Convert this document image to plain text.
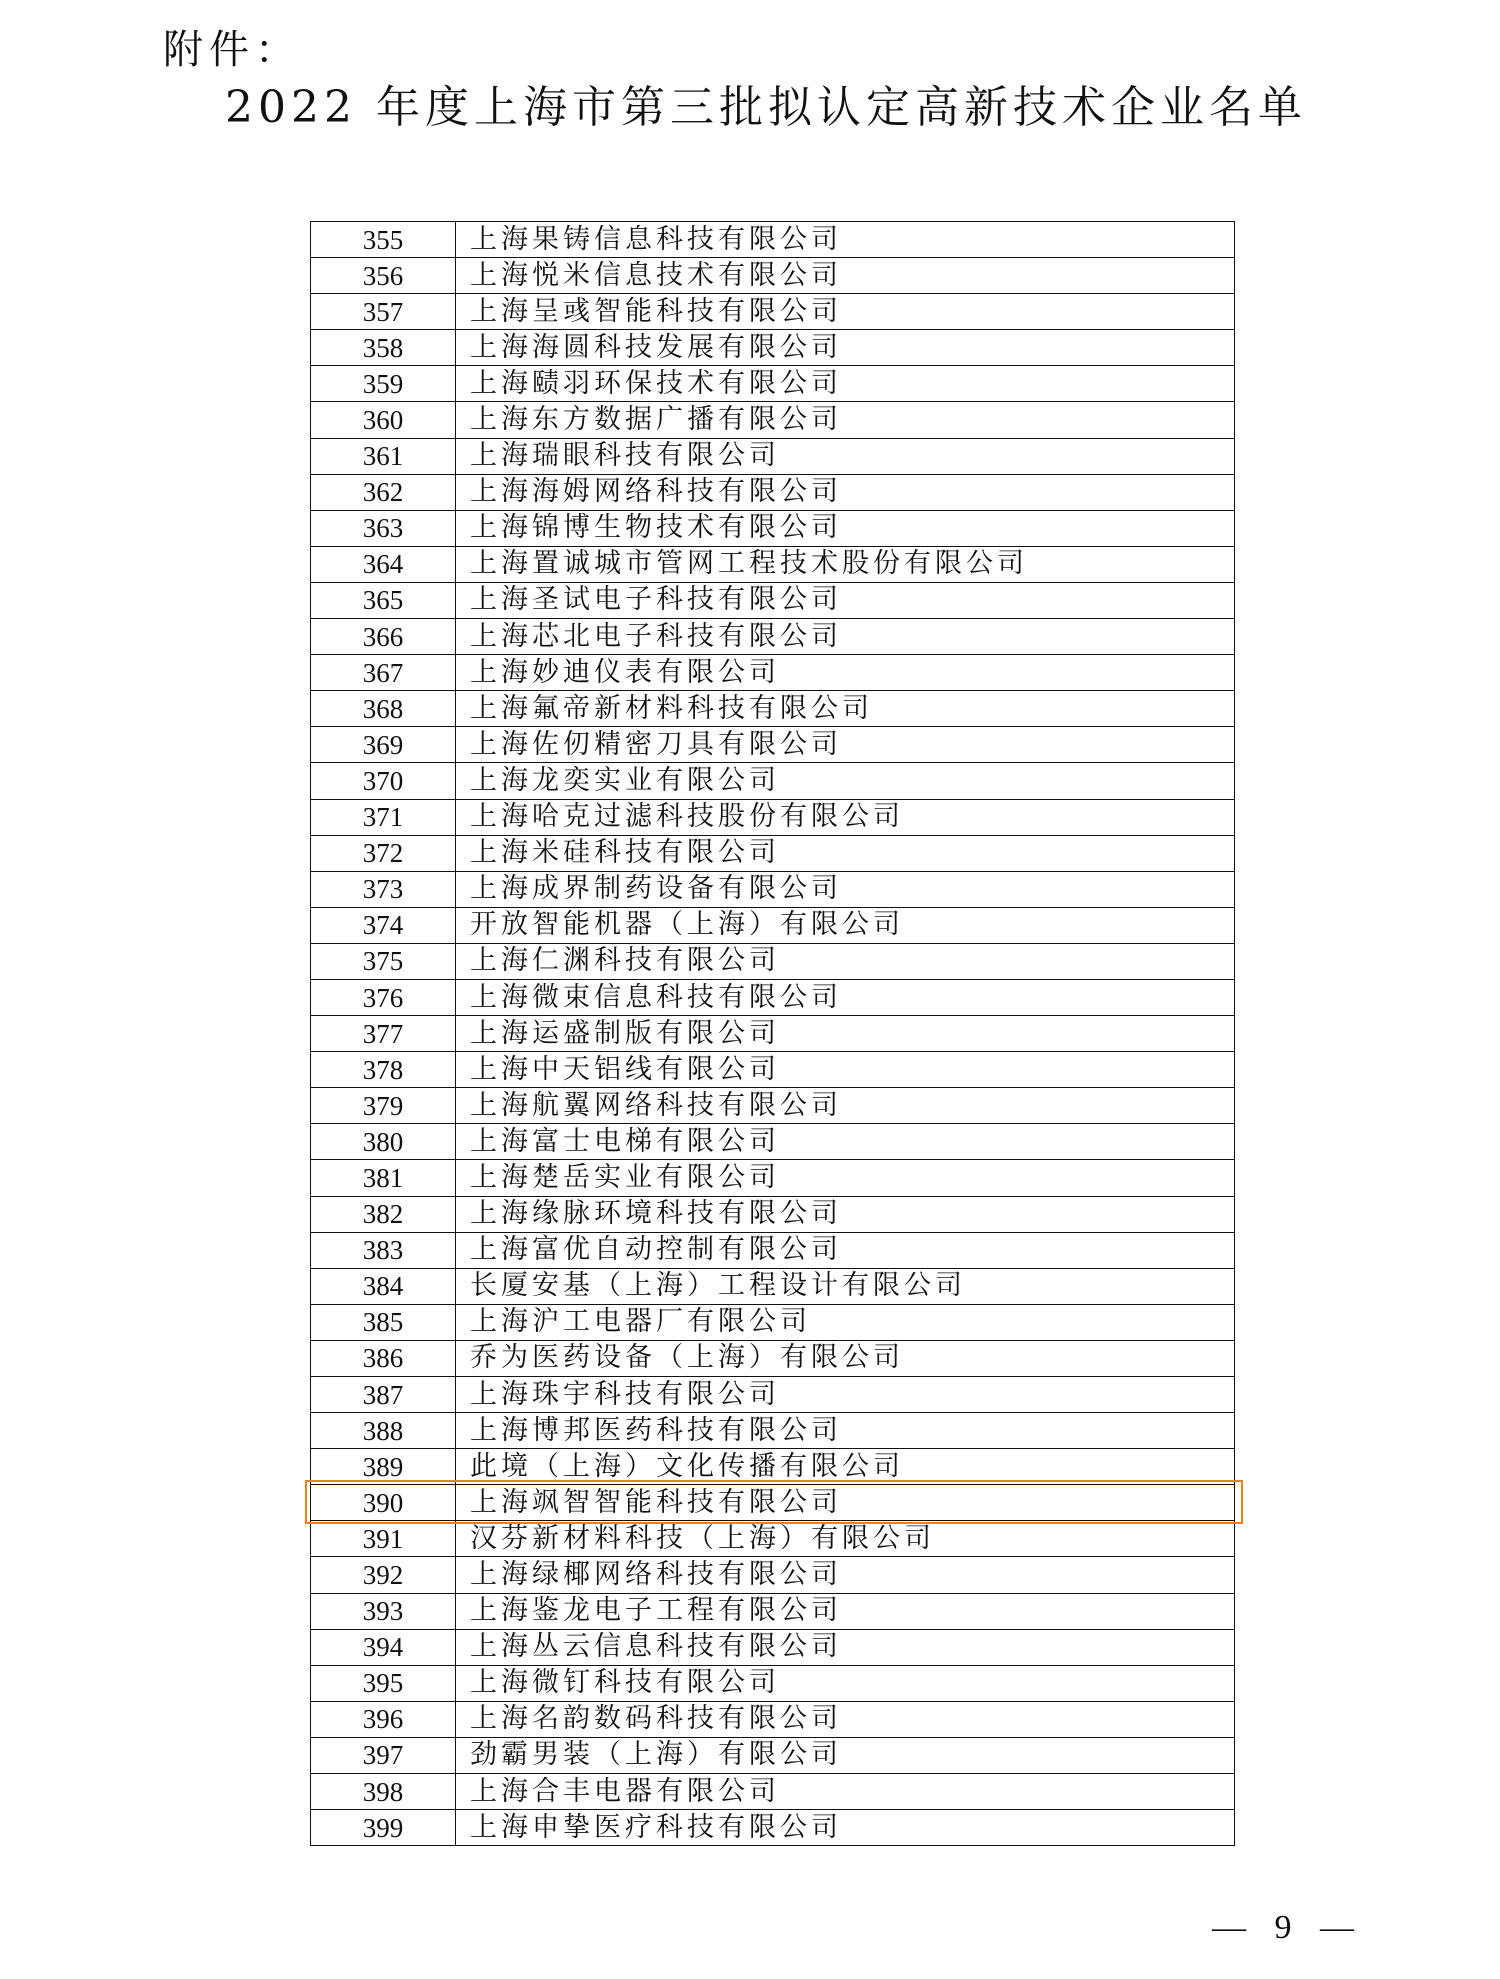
附件：
2022 年度上海市第三批拟认定高新技术企业名单
355	上海果铸信息科技有限公司
356	上海悦米信息技术有限公司
357	上海呈彧智能科技有限公司
358	上海海圆科技发展有限公司
359	上海赜羽环保技术有限公司
360	上海东方数据广播有限公司
361	上海瑞眼科技有限公司
362	上海海姆网络科技有限公司
363	上海锦博生物技术有限公司
364	上海置诚城市管网工程技术股份有限公司
365	上海圣试电子科技有限公司
366	上海芯北电子科技有限公司
367	上海妙迪仪表有限公司
368	上海氟帝新材料科技有限公司
369	上海佐仞精密刀具有限公司
370	上海龙奕实业有限公司
371	上海哈克过滤科技股份有限公司
372	上海米硅科技有限公司
373	上海成界制药设备有限公司
374	开放智能机器（上海）有限公司
375	上海仁渊科技有限公司
376	上海微束信息科技有限公司
377	上海运盛制版有限公司
378	上海中天铝线有限公司
379	上海航翼网络科技有限公司
380	上海富士电梯有限公司
381	上海楚岳实业有限公司
382	上海缘脉环境科技有限公司
383	上海富优自动控制有限公司
384	长厦安基（上海）工程设计有限公司
385	上海沪工电器厂有限公司
386	乔为医药设备（上海）有限公司
387	上海珠宇科技有限公司
388	上海博邦医药科技有限公司
389	此境（上海）文化传播有限公司
390	上海飒智智能科技有限公司
391	汉芬新材料科技（上海）有限公司
392	上海绿椰网络科技有限公司
393	上海鉴龙电子工程有限公司
394	上海丛云信息科技有限公司
395	上海微钉科技有限公司
396	上海名韵数码科技有限公司
397	劲霸男装（上海）有限公司
398	上海合丰电器有限公司
399	上海申挚医疗科技有限公司
— 9 —
